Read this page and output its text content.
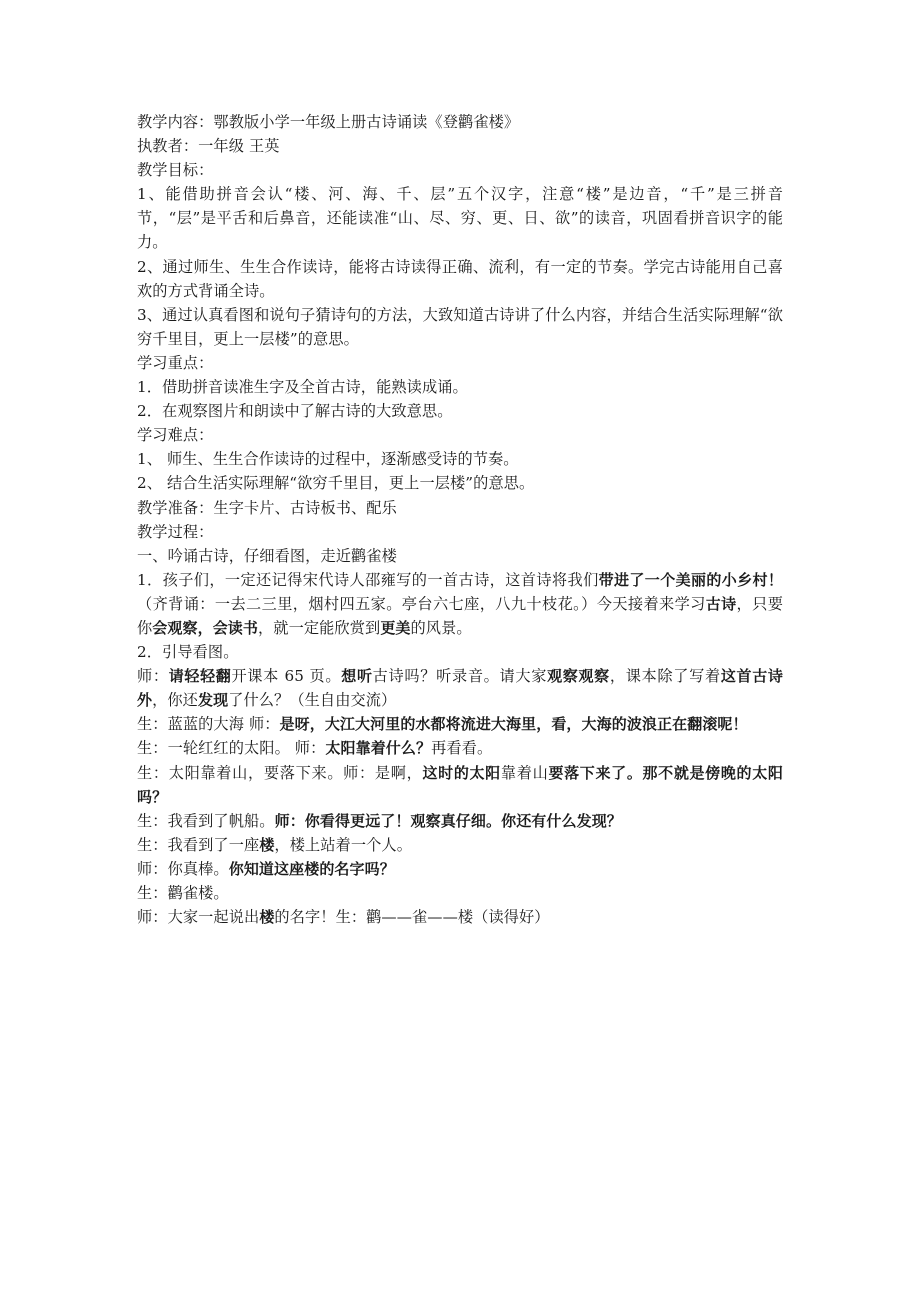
教学内容：鄂教版小学一年级上册古诗诵读《登鹳雀楼》

执教者：一年级 王英

教学目标：

1、能借助拼音会认“楼、河、海、千、层”五个汉字，注意“楼”是边音，“千”是三拼音节，“层”是平舌和后鼻音，还能读准“山、尽、穷、更、日、欲”的读音，巩固看拼音识字的能力。

2、通过师生、生生合作读诗，能将古诗读得正确、流利，有一定的节奏。学完古诗能用自己喜欢的方式背诵全诗。

3、通过认真看图和说句子猜诗句的方法，大致知道古诗讲了什么内容，并结合生活实际理解“欲穷千里目，更上一层楼”的意思。

学习重点：

1．借助拼音读准生字及全首古诗，能熟读成诵。

2．在观察图片和朗读中了解古诗的大致意思。

学习难点：

1、 师生、生生合作读诗的过程中，逐渐感受诗的节奏。

2、 结合生活实际理解“欲穷千里目，更上一层楼”的意思。

教学准备：生字卡片、古诗板书、配乐

教学过程：

一、吟诵古诗，仔细看图，走近鹳雀楼

1．孩子们，一定还记得宋代诗人邵雍写的一首古诗，这首诗将我们带进了一个美丽的小乡村！（齐背诵：一去二三里，烟村四五家。亭台六七座，八九十枝花。）今天接着来学习古诗，只要你会观察，会读书，就一定能欣赏到更美的风景。

2．引导看图。

师：请轻轻翻开课本 65 页。想听古诗吗？听录音。请大家观察观察，课本除了写着这首古诗外，你还发现了什么？（生自由交流）

生：蓝蓝的大海 师：是呀，大江大河里的水都将流进大海里，看，大海的波浪正在翻滚呢！

生：一轮红红的太阳。 师：太阳靠着什么？再看看。

生：太阳靠着山，要落下来。师：是啊，这时的太阳靠着山要落下来了。那不就是傍晚的太阳吗？

生：我看到了帆船。师：你看得更远了！观察真仔细。你还有什么发现？

生：我看到了一座楼，楼上站着一个人。

师：你真棒。你知道这座楼的名字吗？

生：鹳雀楼。

师：大家一起说出楼的名字！生：鹳——雀——楼（读得好）
